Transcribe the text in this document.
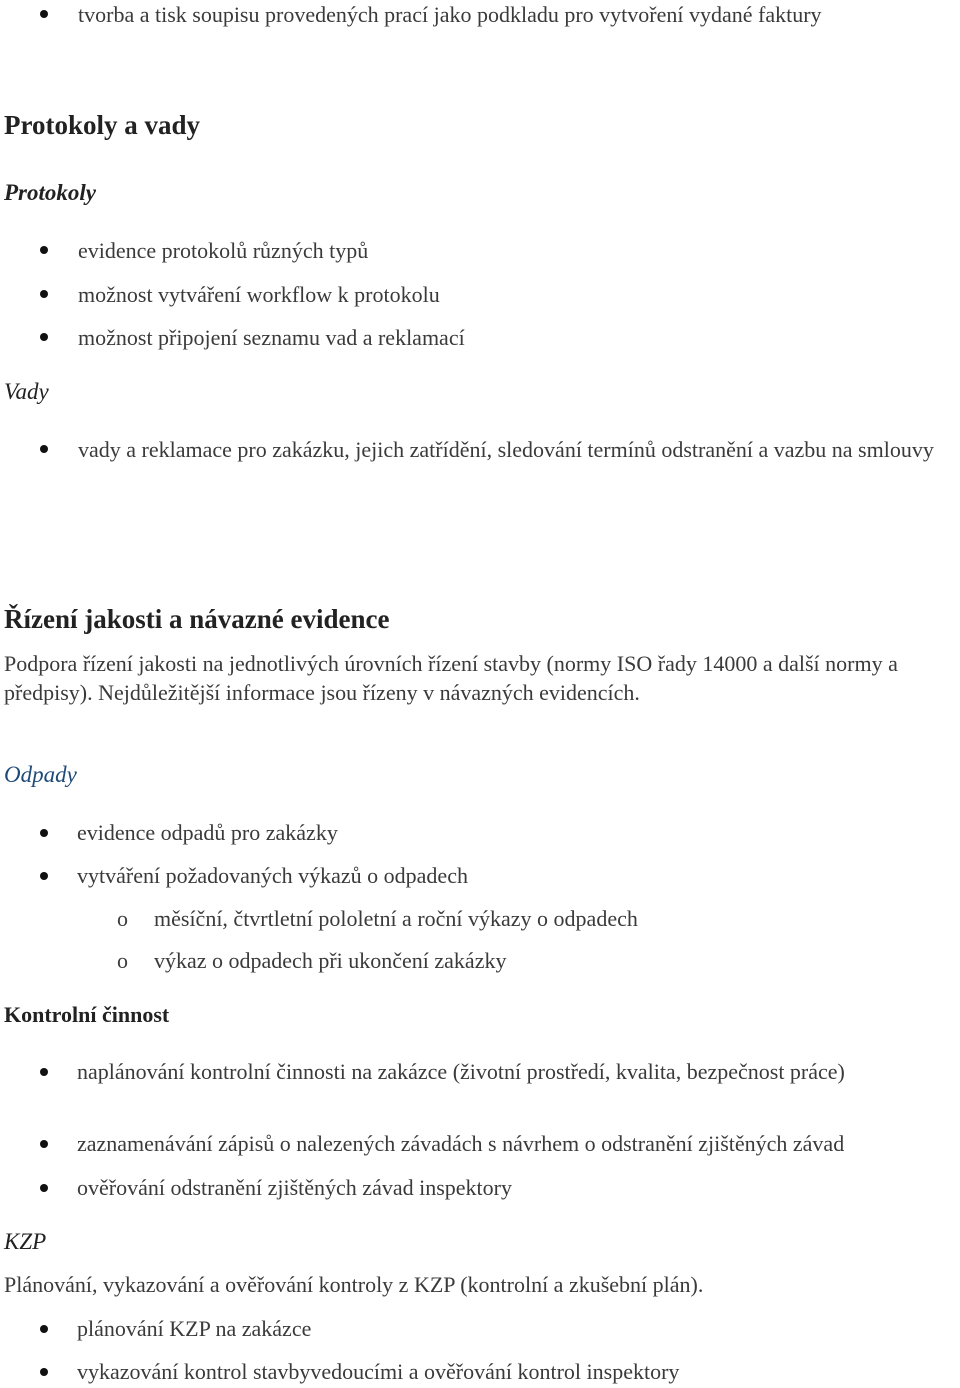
tvorba a tisk soupisu provedených prací jako podkladu pro vytvoření vydané faktury
Protokoly a vady
Protokoly
evidence protokolů různých typů
možnost vytváření workflow k protokolu
možnost připojení seznamu vad a reklamací
Vady
vady a reklamace pro zakázku, jejich zatřídění, sledování termínů odstranění a vazbu na smlouvy
Řízení jakosti a návazné evidence
Podpora řízení jakosti na jednotlivých úrovních řízení stavby (normy ISO řady 14000 a další normy a předpisy). Nejdůležitější informace jsou řízeny v návazných evidencích.
Odpady
evidence odpadů pro zakázky
vytváření požadovaných výkazů o odpadech
o měsíční, čtvrtletní pololetní a roční výkazy o odpadech
o výkaz o odpadech při ukončení zakázky
Kontrolní činnost
naplánování kontrolní činnosti na zakázce (životní prostředí, kvalita, bezpečnost práce)
zaznamenávání zápisů o nalezených závadách s návrhem o odstranění zjištěných závad
ověřování odstranění zjištěných závad inspektory
KZP
Plánování, vykazování a ověřování kontroly z KZP (kontrolní a zkušební plán).
plánování KZP na zakázce
vykazování kontrol stavbyvedoucími a ověřování kontrol inspektory
